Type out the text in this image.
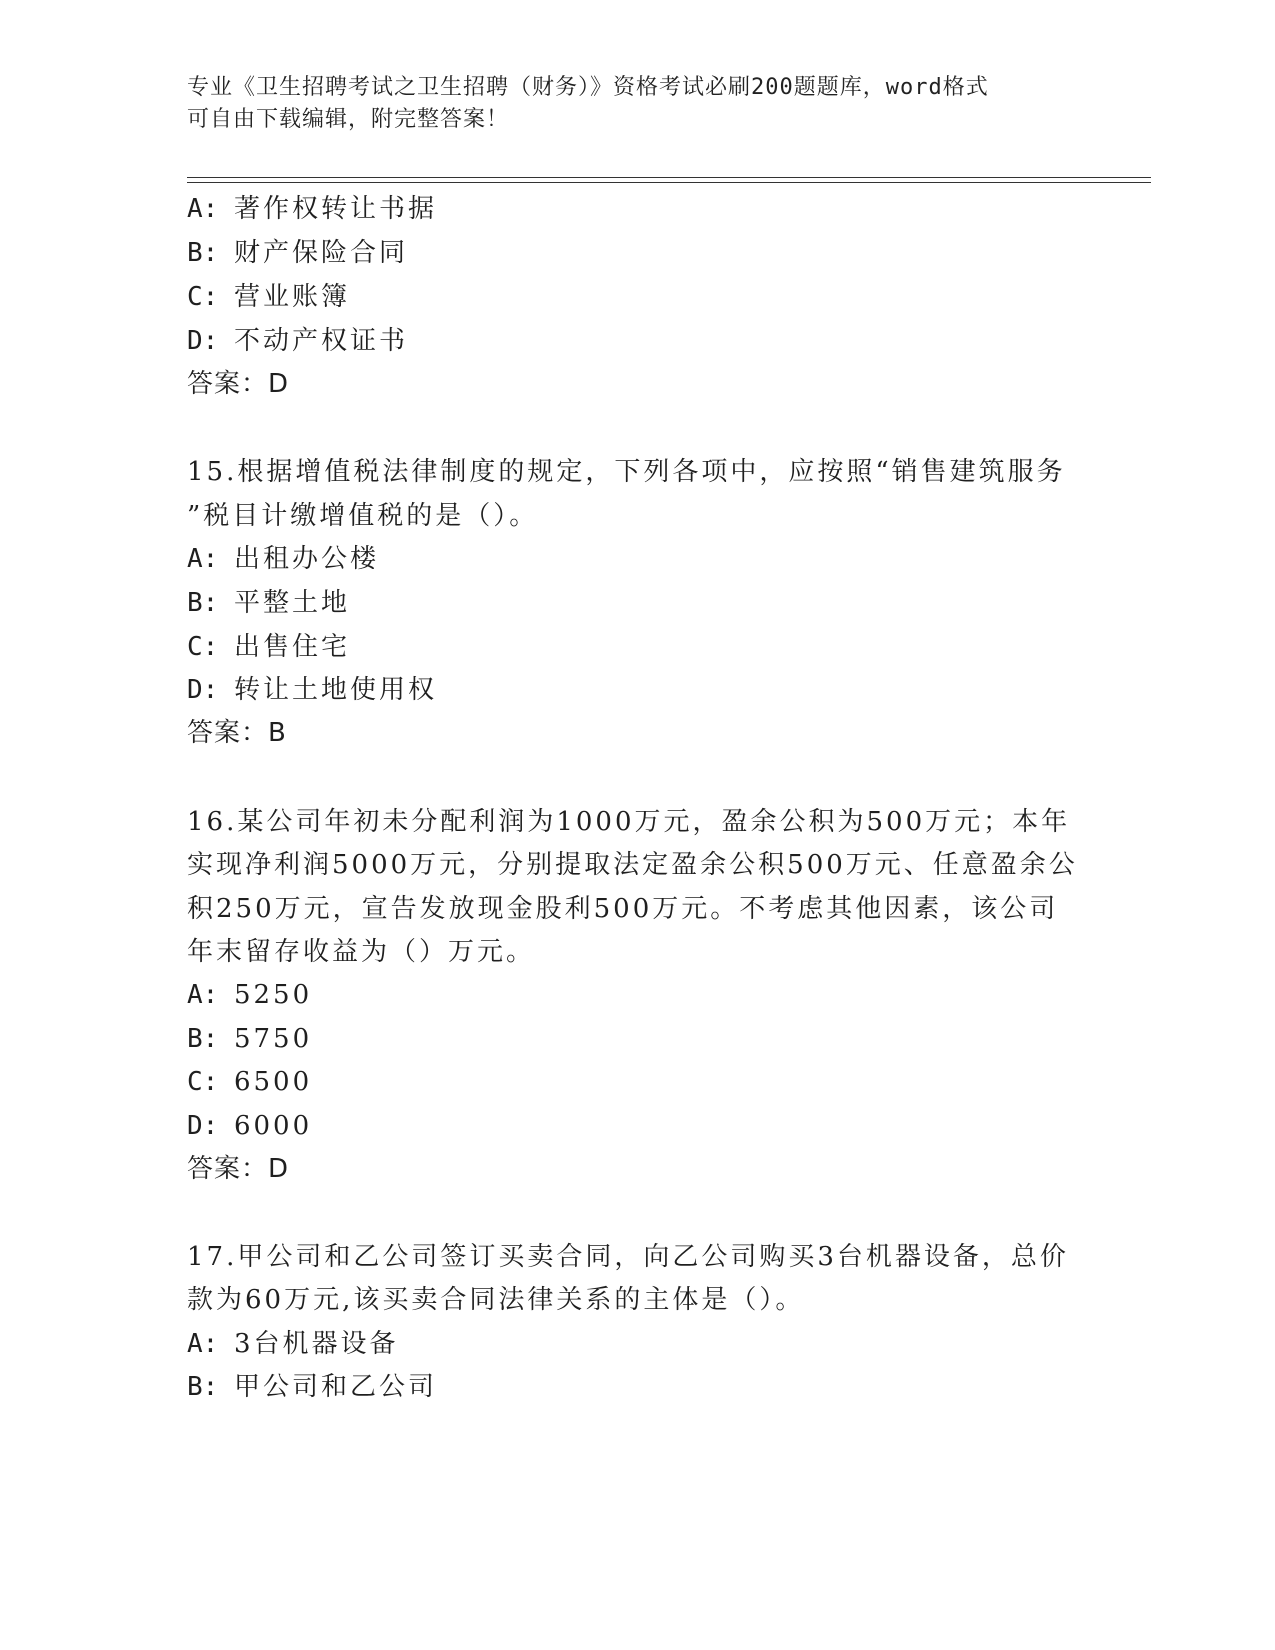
专业《卫生招聘考试之卫生招聘（财务）》资格考试必刷200题题库，word格式
可自由下载编辑，附完整答案！
A: 著作权转让书据
B: 财产保险合同
C: 营业账簿
D: 不动产权证书
答案：D
15.根据增值税法律制度的规定，下列各项中，应按照“销售建筑服务
”税目计缴增值税的是（）。
A: 出租办公楼
B: 平整土地
C: 出售住宅
D: 转让土地使用权
答案：B
16.某公司年初未分配利润为1000万元，盈余公积为500万元；本年
实现净利润5000万元，分别提取法定盈余公积500万元、任意盈余公
积250万元，宣告发放现金股利500万元。不考虑其他因素，该公司
年末留存收益为（）万元。
A: 5250
B: 5750
C: 6500
D: 6000
答案：D
17.甲公司和乙公司签订买卖合同，向乙公司购买3台机器设备，总价
款为60万元,该买卖合同法律关系的主体是（）。
A: 3台机器设备
B: 甲公司和乙公司
